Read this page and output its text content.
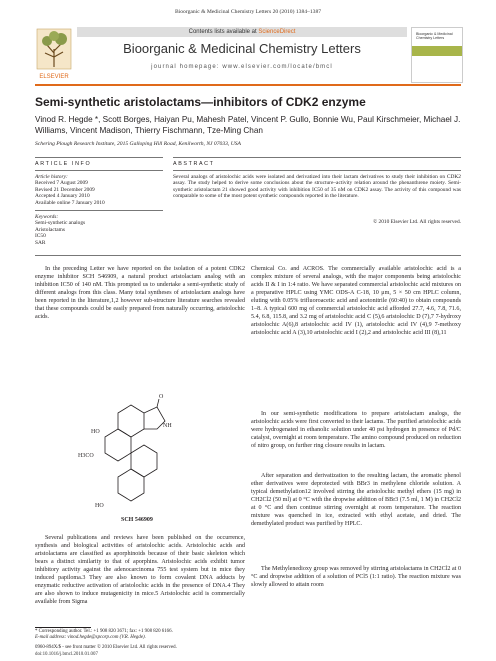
Bioorganic & Medicinal Chemistry Letters 20 (2010) 1384–1387
ELSEVIER
Contents lists available at ScienceDirect
Bioorganic & Medicinal Chemistry Letters
journal homepage: www.elsevier.com/locate/bmcl
Bioorganic & Medicinal Chemistry Letters
Semi-synthetic aristolactams—inhibitors of CDK2 enzyme
Vinod R. Hegde *, Scott Borges, Haiyan Pu, Mahesh Patel, Vincent P. Gullo, Bonnie Wu, Paul Kirschmeier, Michael J. Williams, Vincent Madison, Thierry Fischmann, Tze-Ming Chan
Schering Plough Research Institute, 2015 Galloping Hill Road, Kenilworth, NJ 07033, USA
ARTICLE INFO
Article history:
Received 7 August 2009
Revised 21 December 2009
Accepted 4 January 2010
Available online 7 January 2010
Keywords:
Semi-synthetic analogs
Aristolactams
IC50
SAR
ABSTRACT
Several analogs of aristolochic acids were isolated and derivatized into their lactam derivatives to study their inhibition on CDK2 assay. The study helped to derive some conclusions about the structure–activity relation around the phenanthrene moiety. Semi-synthetic aristolactam 21 showed good activity with inhibition IC50 of 35 nM on CDK2 assay. The activity of this compound was comparable to some of the most potent synthetic compounds reported in the literature.
© 2010 Elsevier Ltd. All rights reserved.
In the preceding Letter we have reported on the isolation of a potent CDK2 enzyme inhibitor SCH 546909, a natural product aristolactam analog with an inhibition IC50 of 140 nM. This prompted us to undertake a semi-synthetic study of different analogs from this class. Many total syntheses of aristolactam analogs have been reported in the literature,1,2 however sub-structure literature searches revealed that these compounds could be easily prepared from naturally occurring, aristolochic acids.
O
NH
HO
H3CO
HO
SCH 546909
Several publications and reviews have been published on the occurrence, synthesis and biological activities of aristolochic acids. Aristolochic acids and aristolactams are classified as aporphinoids because of their basic skeleton which bears a distinct similarity to that of aporphins. Aristolochic acids exhibit tumor inhibitory activity against the adenocarcinoma 755 test system but in mice they induced papiloma.3 They are also known to form covalent DNA adducts by enzymatic reductive activation of aristolochic acids in the presence of DNA.4 They are also shown to induce mutagenicity in mice.5 Aristolochic acid is commercially available from Sigma
* Corresponding author. Tel.: +1 908 820 3671; fax: +1 908 820 6166.
E-mail address: vinod.hegde@spcorp.com (V.R. Hegde).
0960-894X/$ - see front matter © 2010 Elsevier Ltd. All rights reserved.
doi:10.1016/j.bmcl.2010.01.007
Chemical Co. and ACROS. The commercially available aristolochic acid is a complex mixture of several analogs, with the major components being aristolochic acids II & I in 1:4 ratio. We have separated commercial aristolochic acid mixtures on a preparative HPLC using YMC ODS-A C-18, 10 μm, 5 × 50 cm HPLC column, eluting with 0.05% trifluoroacetic acid and acetonitrile (60:40) to obtain compounds 1–8. A typical 600 mg of commercial aristolochic acid afforded 27.7, 4.6, 7.8, 71.6, 5.4, 6.8, 115.8, and 3.2 mg of aristolochic acid C (5),6 aristolochic D (7),7 7-hydroxy aristolochic A(6),8 aristolochic acid IV (1), aristolochic acid IV (4),9 7-methoxy aristolochic acid A (3),10 aristolochic acid I (2),2 and aristolochic acid III (8),11
In our semi-synthetic modifications to prepare aristolactam analogs, the aristolochic acids were first converted to their lactams. The purified aristolochic acids were hydrogenated in ethanolic solution under 40 psi hydrogen in presence of Pd/C catalyst, overnight at room temperature. The amino compound produced on reduction of nitro group, on further ring closure results in lactam.
After separation and derivatization to the resulting lactam, the aromatic phenol ether derivatives were deprotected with BBr3 in methylene chloride solution. A typical demethylation12 involved stirring the aristolochic methyl ethers (15 mg) in CH2Cl2 (50 ml) at 0 °C with the dropwise addition of BBr3 (7.5 ml, 1 M) in CH2Cl2 at 0 °C and then continue stirring overnight at room temperature. The reaction mixture was quenched in ice, extracted with ethyl acetate, and dried. The demethylated product was purified by HPLC.
The Methylenedioxy group was removed by stirring aristolactams in CH2Cl2 at 0 °C and dropwise addition of a solution of PCl5 (1:1 ratio). The reaction mixture was slowly allowed to attain room
